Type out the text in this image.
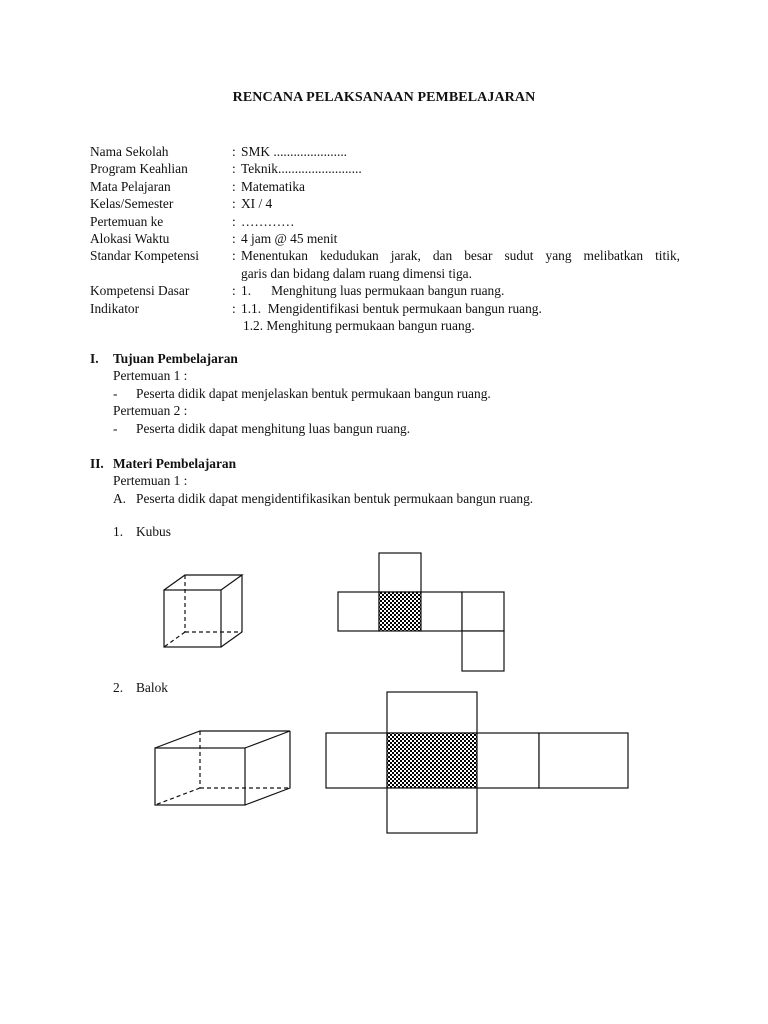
RENCANA PELAKSANAAN PEMBELAJARAN
Nama Sekolah	: SMK ......................
Program Keahlian	: Teknik.........................
Mata Pelajaran	: Matematika
Kelas/Semester	: XI / 4
Pertemuan ke	: …………
Alokasi Waktu	: 4 jam @ 45 menit
Standar Kompetensi	: Menentukan kedudukan jarak, dan besar sudut yang melibatkan titik,
garis dan bidang dalam ruang dimensi tiga.
Kompetensi Dasar	: 1.      Menghitung luas permukaan bangun ruang.
Indikator	: 1.1.  Mengidentifikasi bentuk permukaan bangun ruang.
1.2. Menghitung permukaan bangun ruang.
I.	Tujuan Pembelajaran
Pertemuan 1 :
-	Peserta didik dapat menjelaskan bentuk permukaan bangun ruang.
Pertemuan 2 :
-	Peserta didik dapat menghitung luas bangun ruang.
II. Materi Pembelajaran
Pertemuan 1 :
A. Peserta didik dapat mengidentifikasikan bentuk permukaan bangun ruang.
1. Kubus
2. Balok
